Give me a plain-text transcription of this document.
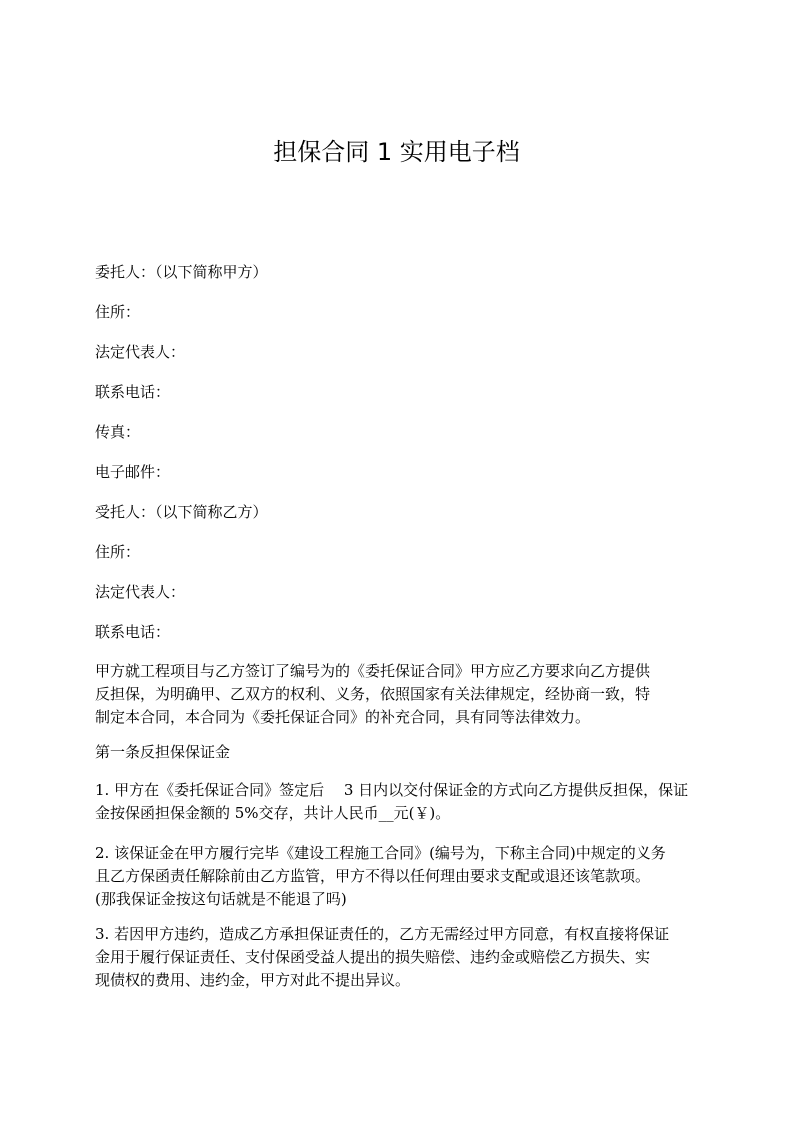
担保合同 1 实用电子档

委托人：（以下简称甲方）

住所：

法定代表人：

联系电话：

传真：

电子邮件：

受托人：（以下简称乙方）

住所：

法定代表人：

联系电话：

甲方就工程项目与乙方签订了编号为的《委托保证合同》甲方应乙方要求向乙方提供
反担保，为明确甲、乙双方的权利、义务，依照国家有关法律规定，经协商一致，特
制定本合同，本合同为《委托保证合同》的补充合同，具有同等法律效力。

第一条反担保保证金

1. 甲方在《委托保证合同》签定后　 3 日内以交付保证金的方式向乙方提供反担保，保证
金按保函担保金额的 5%交存，共计人民币__元(￥)。
2. 该保证金在甲方履行完毕《建设工程施工合同》(编号为，下称主合同)中规定的义务
且乙方保函责任解除前由乙方监管，甲方不得以任何理由要求支配或退还该笔款项。
(那我保证金按这句话就是不能退了吗)
3. 若因甲方违约，造成乙方承担保证责任的，乙方无需经过甲方同意，有权直接将保证
金用于履行保证责任、支付保函受益人提出的损失赔偿、违约金或赔偿乙方损失、实
现债权的费用、违约金，甲方对此不提出异议。
